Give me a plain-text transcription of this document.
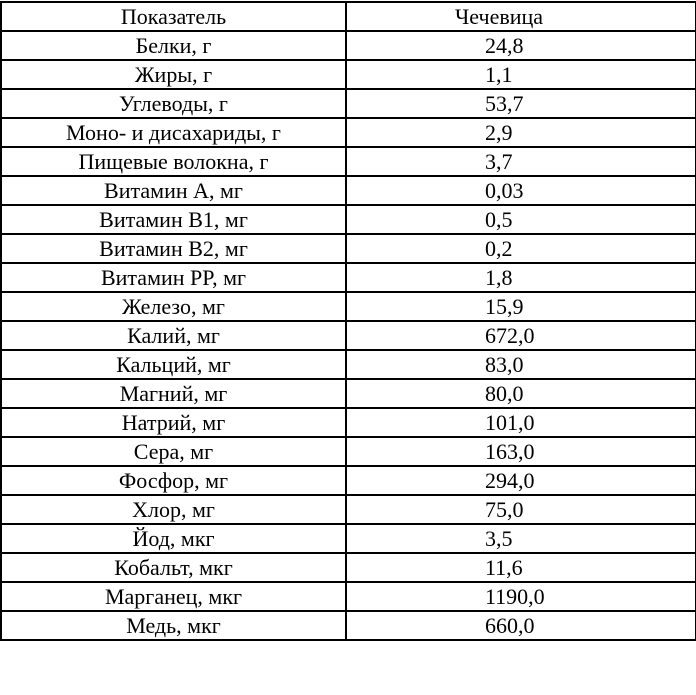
Показатель	Чечевица
Белки, г	24,8
Жиры, г	1,1
Углеводы, г	53,7
Моно- и дисахариды, г	2,9
Пищевые волокна, г	3,7
Витамин А, мг	0,03
Витамин B1, мг	0,5
Витамин B2, мг	0,2
Витамин PP, мг	1,8
Железо, мг	15,9
Калий, мг	672,0
Кальций, мг	83,0
Магний, мг	80,0
Натрий, мг	101,0
Сера, мг	163,0
Фосфор, мг	294,0
Хлор, мг	75,0
Йод, мкг	3,5
Кобальт, мкг	11,6
Марганец, мкг	1190,0
Медь, мкг	660,0
